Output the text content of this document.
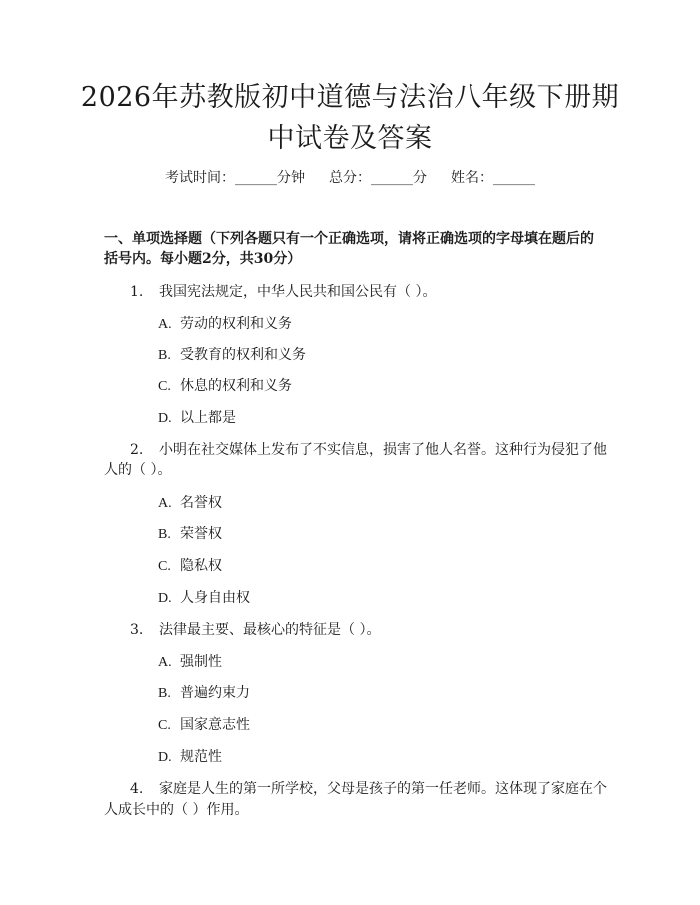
2026年苏教版初中道德与法治八年级下册期
中试卷及答案
考试时间：______分钟 总分：______分 姓名：______
一、单项选择题（下列各题只有一个正确选项，请将正确选项的字母填在题后的
括号内。每小题2分，共30分）
1.	我国宪法规定，中华人民共和国公民有（ ）。
A. 劳动的权利和义务
B. 受教育的权利和义务
C. 休息的权利和义务
D. 以上都是
2.	小明在社交媒体上发布了不实信息，损害了他人名誉。这种行为侵犯了他
人的（ ）。
A. 名誉权
B. 荣誉权
C. 隐私权
D. 人身自由权
3.	法律最主要、最核心的特征是（ ）。
A. 强制性
B. 普遍约束力
C. 国家意志性
D. 规范性
4.	家庭是人生的第一所学校，父母是孩子的第一任老师。这体现了家庭在个
人成长中的（ ）作用。
